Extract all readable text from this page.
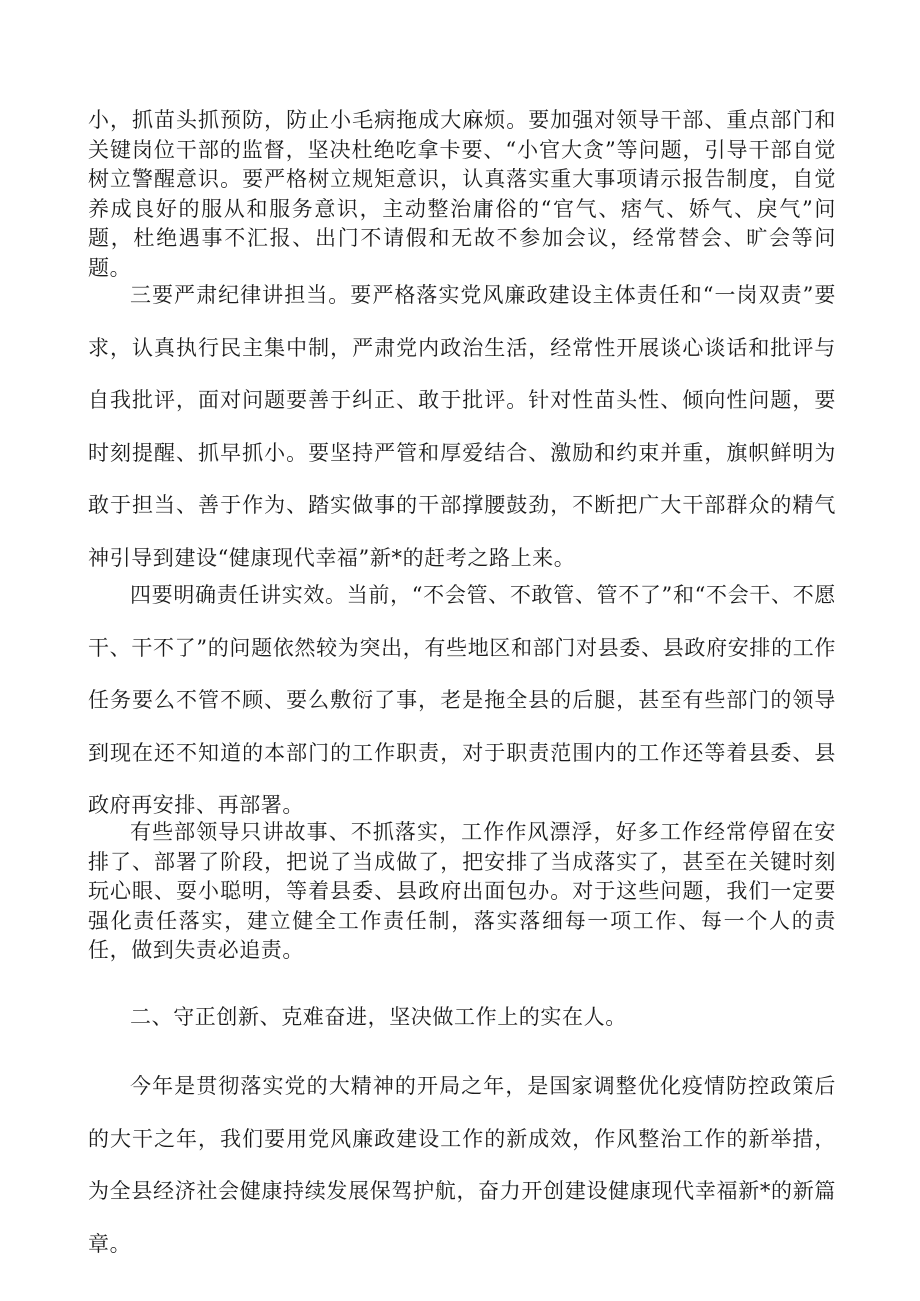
小，抓苗头抓预防，防止小毛病拖成大麻烦。要加强对领导干部、重点部门和关键岗位干部的监督，坚决杜绝吃拿卡要、“小官大贪”等问题，引导干部自觉树立警醒意识。要严格树立规矩意识，认真落实重大事项请示报告制度，自觉养成良好的服从和服务意识，主动整治庸俗的“官气、痞气、娇气、戾气”问题，杜绝遇事不汇报、出门不请假和无故不参加会议，经常替会、旷会等问题。

三要严肃纪律讲担当。要严格落实党风廉政建设主体责任和“一岗双责”要求，认真执行民主集中制，严肃党内政治生活，经常性开展谈心谈话和批评与自我批评，面对问题要善于纠正、敢于批评。针对性苗头性、倾向性问题，要时刻提醒、抓早抓小。要坚持严管和厚爱结合、激励和约束并重，旗帜鲜明为敢于担当、善于作为、踏实做事的干部撑腰鼓劲，不断把广大干部群众的精气神引导到建设“健康现代幸福”新*的赶考之路上来。

四要明确责任讲实效。当前，“不会管、不敢管、管不了”和“不会干、不愿干、干不了”的问题依然较为突出，有些地区和部门对县委、县政府安排的工作任务要么不管不顾、要么敷衍了事，老是拖全县的后腿，甚至有些部门的领导到现在还不知道的本部门的工作职责，对于职责范围内的工作还等着县委、县政府再安排、再部署。

有些部领导只讲故事、不抓落实，工作作风漂浮，好多工作经常停留在安排了、部署了阶段，把说了当成做了，把安排了当成落实了，甚至在关键时刻玩心眼、耍小聪明，等着县委、县政府出面包办。对于这些问题，我们一定要强化责任落实，建立健全工作责任制，落实落细每一项工作、每一个人的责任，做到失责必追责。

二、守正创新、克难奋进，坚决做工作上的实在人。

今年是贯彻落实党的大精神的开局之年，是国家调整优化疫情防控政策后的大干之年，我们要用党风廉政建设工作的新成效，作风整治工作的新举措，为全县经济社会健康持续发展保驾护航，奋力开创建设健康现代幸福新*的新篇章。
